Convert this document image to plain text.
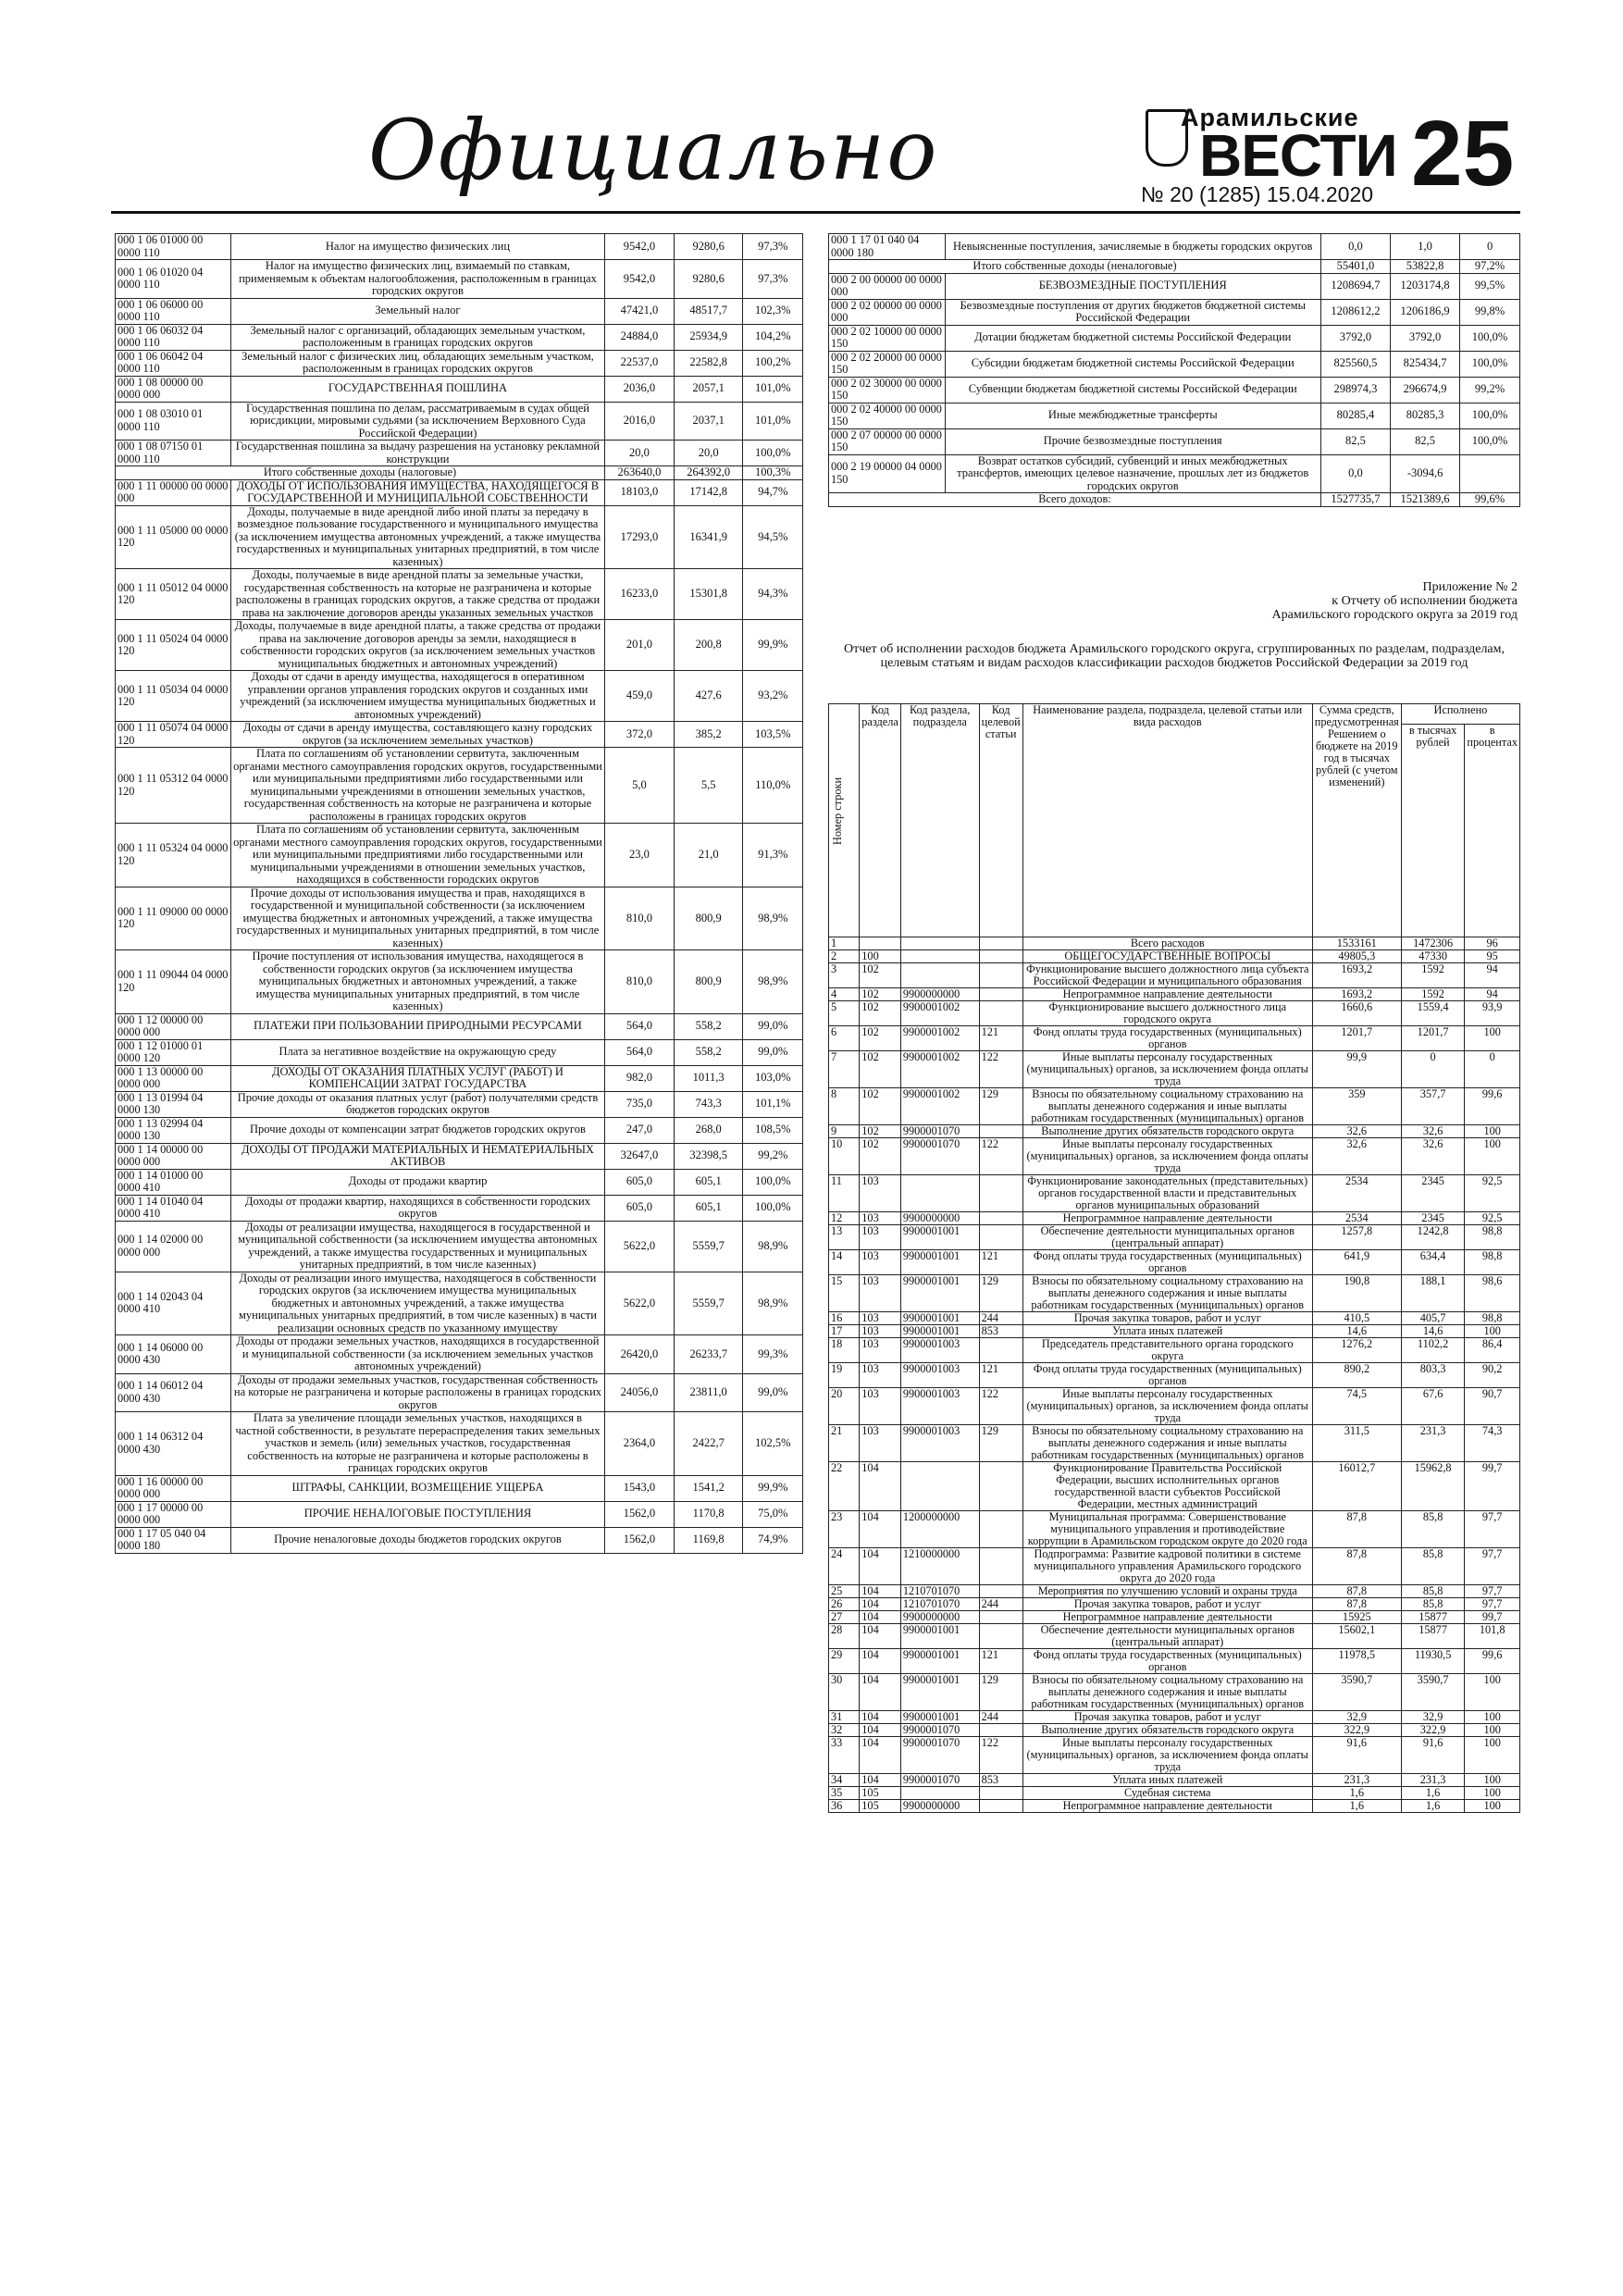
Официально	Арамильские
ВЕСТИ
№ 20 (1285) 15.04.2020 25
000 1 06 01000 00 0000 110	Налог на имущество физических лиц	9542,0	9280,6	97,3%
000 1 06 01020 04 0000 110	Налог на имущество физических лиц, взимаемый по ставкам, применяемым к объектам налогообложения, расположенным в границах городских округов	9542,0	9280,6	97,3%
000 1 06 06000 00 0000 110	Земельный налог	47421,0	48517,7	102,3%
000 1 06 06032 04 0000 110	Земельный налог с организаций, обладающих земельным участком, расположенным в границах городских округов	24884,0	25934,9	104,2%
000 1 06 06042 04 0000 110	Земельный налог с физических лиц, обладающих земельным участком, расположенным в границах городских округов	22537,0	22582,8	100,2%
000 1 08 00000 00 0000 000	ГОСУДАРСТВЕННАЯ ПОШЛИНА	2036,0	2057,1	101,0%
000 1 08 03010 01 0000 110	Государственная пошлина по делам, рассматриваемым в судах общей юрисдикции, мировыми судьями (за исключением Верховного Суда Российской Федерации)	2016,0	2037,1	101,0%
000 1 08 07150 01 0000 110	Государственная пошлина за выдачу разрешения на установку рекламной конструкции	20,0	20,0	100,0%
Итого собственные доходы (налоговые)		263640,0	264392,0	100,3%
000 1 11 00000 00 0000 000	ДОХОДЫ ОТ ИСПОЛЬЗОВАНИЯ ИМУЩЕСТВА, НАХОДЯЩЕГОСЯ В ГОСУДАРСТВЕННОЙ И МУНИЦИПАЛЬНОЙ СОБСТВЕННОСТИ	18103,0	17142,8	94,7%
000 1 11 05000 00 0000 120	Доходы, получаемые в виде арендной либо иной платы за передачу в возмездное пользование государственного и муниципального имущества (за исключением имущества автономных учреждений, а также имущества государственных и муниципальных унитарных предприятий, в том числе казенных)	17293,0	16341,9	94,5%
000 1 11 05012 04 0000 120	Доходы, получаемые в виде арендной платы за земельные участки, государственная собственность на которые не разграничена и которые расположены в границах городских округов, а также средства от продажи права на заключение договоров аренды указанных земельных участков	16233,0	15301,8	94,3%
000 1 11 05024 04 0000 120	Доходы, получаемые в виде арендной платы, а также средства от продажи права на заключение договоров аренды за земли, находящиеся в собственности городских округов (за исключением земельных участков муниципальных бюджетных и автономных учреждений)	201,0	200,8	99,9%
000 1 11 05034 04 0000 120	Доходы от сдачи в аренду имущества, находящегося в оперативном управлении органов управления городских округов и созданных ими учреждений (за исключением имущества муниципальных бюджетных и автономных учреждений)	459,0	427,6	93,2%
000 1 11 05074 04 0000 120	Доходы от сдачи в аренду имущества, составляющего казну городских округов (за исключением земельных участков)	372,0	385,2	103,5%
000 1 11 05312 04 0000 120	Плата по соглашениям об установлении сервитута, заключенным органами местного самоуправления городских округов, государственными или муниципальными предприятиями либо государственными или муниципальными учреждениями в отношении земельных участков, государственная собственность на которые не разграничена и которые расположены в границах городских округов	5,0	5,5	110,0%
000 1 11 05324 04 0000 120	Плата по соглашениям об установлении сервитута, заключенным органами местного самоуправления городских округов, государственными или муниципальными предприятиями либо государственными или муниципальными учреждениями в отношении земельных участков, находящихся в собственности городских округов	23,0	21,0	91,3%
000 1 11 09000 00 0000 120	Прочие доходы от использования имущества и прав, находящихся в государственной и муниципальной собственности (за исключением имущества бюджетных и автономных учреждений, а также имущества государственных и муниципальных унитарных предприятий, в том числе казенных)	810,0	800,9	98,9%
000 1 11 09044 04 0000 120	Прочие поступления от использования имущества, находящегося в собственности городских округов (за исключением имущества муниципальных бюджетных и автономных учреждений, а также имущества муниципальных унитарных предприятий, в том числе казенных)	810,0	800,9	98,9%
000 1 12 00000 00 0000 000	ПЛАТЕЖИ ПРИ ПОЛЬЗОВАНИИ ПРИРОДНЫМИ РЕСУРСАМИ	564,0	558,2	99,0%
000 1 12 01000 01 0000 120	Плата за негативное воздействие на окружающую среду	564,0	558,2	99,0%
000 1 13 00000 00 0000 000	ДОХОДЫ ОТ ОКАЗАНИЯ ПЛАТНЫХ УСЛУГ (РАБОТ) И КОМПЕНСАЦИИ ЗАТРАТ ГОСУДАРСТВА	982,0	1011,3	103,0%
000 1 13 01994 04 0000 130	Прочие доходы от оказания платных услуг (работ) получателями средств бюджетов городских округов	735,0	743,3	101,1%
000 1 13 02994 04 0000 130	Прочие доходы от компенсации затрат бюджетов городских округов	247,0	268,0	108,5%
000 1 14 00000 00 0000 000	ДОХОДЫ ОТ ПРОДАЖИ МАТЕРИАЛЬНЫХ И НЕМАТЕРИАЛЬНЫХ АКТИВОВ	32647,0	32398,5	99,2%
000 1 14 01000 00 0000 410	Доходы от продажи квартир	605,0	605,1	100,0%
000 1 14 01040 04 0000 410	Доходы от продажи квартир, находящихся в собственности городских округов	605,0	605,1	100,0%
000 1 14 02000 00 0000 000	Доходы от реализации имущества, находящегося в государственной и муниципальной собственности (за исключением имущества автономных учреждений, а также имущества государственных и муниципальных унитарных предприятий, в том числе казенных)	5622,0	5559,7	98,9%
000 1 14 02043 04 0000 410	Доходы от реализации иного имущества, находящегося в собственности городских округов (за исключением имущества муниципальных бюджетных и автономных учреждений, а также имущества муниципальных унитарных предприятий, в том числе казенных) в части реализации основных средств по указанному имуществу	5622,0	5559,7	98,9%
000 1 14 06000 00 0000 430	Доходы от продажи земельных участков, находящихся в государственной и муниципальной собственности (за исключением земельных участков автономных учреждений)	26420,0	26233,7	99,3%
000 1 14 06012 04 0000 430	Доходы от продажи земельных участков, государственная собственность на которые не разграничена и которые расположены в границах городских округов	24056,0	23811,0	99,0%
000 1 14 06312 04 0000 430	Плата за увеличение площади земельных участков, находящихся в частной собственности, в результате перераспределения таких земельных участков и земель (или) земельных участков, государственная собственность на которые не разграничена и которые расположены в границах городских округов	2364,0	2422,7	102,5%
000 1 16 00000 00 0000 000	ШТРАФЫ, САНКЦИИ, ВОЗМЕЩЕНИЕ УЩЕРБА	1543,0	1541,2	99,9%
000 1 17 00000 00 0000 000	ПРОЧИЕ НЕНАЛОГОВЫЕ ПОСТУПЛЕНИЯ	1562,0	1170,8	75,0%
000 1 17 05 040 04 0000 180	Прочие неналоговые доходы бюджетов городских округов	1562,0	1169,8	74,9%
000 1 17 01 040 04 0000 180	Невыясненные поступления, зачисляемые в бюджеты городских округов	0,0	1,0	0
Итого собственные доходы (неналоговые)		55401,0	53822,8	97,2%
000 2 00 00000 00 0000 000	БЕЗВОЗМЕЗДНЫЕ ПОСТУПЛЕНИЯ	1208694,7	1203174,8	99,5%
000 2 02 00000 00 0000 000	Безвозмездные поступления от других бюджетов бюджетной системы Российской Федерации	1208612,2	1206186,9	99,8%
000 2 02 10000 00 0000 150	Дотации бюджетам бюджетной системы Российской Федерации	3792,0	3792,0	100,0%
000 2 02 20000 00 0000 150	Субсидии бюджетам бюджетной системы Российской Федерации	825560,5	825434,7	100,0%
000 2 02 30000 00 0000 150	Субвенции бюджетам бюджетной системы Российской Федерации	298974,3	296674,9	99,2%
000 2 02 40000 00 0000 150	Иные межбюджетные трансферты	80285,4	80285,3	100,0%
000 2 07 00000 00 0000 150	Прочие безвозмездные поступления	82,5	82,5	100,0%
000 2 19 00000 04 0000 150	Возврат остатков субсидий, субвенций и иных межбюджетных трансфертов, имеющих целевое назначение, прошлых лет из бюджетов городских округов	0,0	-3094,6	
Всего доходов:		1527735,7	1521389,6	99,6%
Приложение № 2
к Отчету об исполнении бюджета
Арамильского городского округа за 2019 год
Отчет об исполнении расходов бюджета Арамильского городского округа, сгруппированных по разделам, подразделам, целевым статьям и видам расходов классификации расходов бюджетов Российской Федерации за 2019 год
Номер строки	Код раздела	Код раздела, подраздела	Код целевой статьи	Наименование раздела, подраздела, целевой статьи или вида расходов	Сумма средств, предусмотренная Решением о бюджете на 2019 год в тысячах рублей (с учетом изменений)	Исполнено	
						в тысячах рублей	в процентах
1				Всего расходов	1533161	1472306	96
2	100			ОБЩЕГОСУДАРСТВЕННЫЕ ВОПРОСЫ	49805,3	47330	95
3	102			Функционирование высшего должностного лица субъекта Российской Федерации и муниципального образования	1693,2	1592	94
4	102	9900000000		Непрограммное направление деятельности	1693,2	1592	94
5	102	9900001002		Функционирование высшего должностного лица городского округа	1660,6	1559,4	93,9
6	102	9900001002	121	Фонд оплаты труда государственных (муниципальных) органов	1201,7	1201,7	100
7	102	9900001002	122	Иные выплаты персоналу государственных (муниципальных) органов, за исключением фонда оплаты труда	99,9	0	0
8	102	9900001002	129	Взносы по обязательному социальному страхованию на выплаты денежного содержания и иные выплаты работникам государственных (муниципальных) органов	359	357,7	99,6
9	102	9900001070		Выполнение других обязательств городского округа	32,6	32,6	100
10	102	9900001070	122	Иные выплаты персоналу государственных (муниципальных) органов, за исключением фонда оплаты труда	32,6	32,6	100
11	103			Функционирование законодательных (представительных) органов государственной власти и представительных органов муниципальных образований	2534	2345	92,5
12	103	9900000000		Непрограммное направление деятельности	2534	2345	92,5
13	103	9900001001		Обеспечение деятельности муниципальных органов (центральный аппарат)	1257,8	1242,8	98,8
14	103	9900001001	121	Фонд оплаты труда государственных (муниципальных) органов	641,9	634,4	98,8
15	103	9900001001	129	Взносы по обязательному социальному страхованию на выплаты денежного содержания и иные выплаты работникам государственных (муниципальных) органов	190,8	188,1	98,6
16	103	9900001001	244	Прочая закупка товаров, работ и услуг	410,5	405,7	98,8
17	103	9900001001	853	Уплата иных платежей	14,6	14,6	100
18	103	9900001003		Председатель представительного органа городского округа	1276,2	1102,2	86,4
19	103	9900001003	121	Фонд оплаты труда государственных (муниципальных) органов	890,2	803,3	90,2
20	103	9900001003	122	Иные выплаты персоналу государственных (муниципальных) органов, за исключением фонда оплаты труда	74,5	67,6	90,7
21	103	9900001003	129	Взносы по обязательному социальному страхованию на выплаты денежного содержания и иные выплаты работникам государственных (муниципальных) органов	311,5	231,3	74,3
22	104			Функционирование Правительства Российской Федерации, высших исполнительных органов государственной власти субъектов Российской Федерации, местных администраций	16012,7	15962,8	99,7
23	104	1200000000		Муниципальная программа: Совершенствование муниципального управления и противодействие коррупции в Арамильском городском округе до 2020 года	87,8	85,8	97,7
24	104	1210000000		Подпрограмма: Развитие кадровой политики в системе муниципального управления Арамильского городского округа до 2020 года	87,8	85,8	97,7
25	104	1210701070		Мероприятия по улучшению условий и охраны труда	87,8	85,8	97,7
26	104	1210701070	244	Прочая закупка товаров, работ и услуг	87,8	85,8	97,7
27	104	9900000000		Непрограммное направление деятельности	15925	15877	99,7
28	104	9900001001		Обеспечение деятельности муниципальных органов (центральный аппарат)	15602,1	15877	101,8
29	104	9900001001	121	Фонд оплаты труда государственных (муниципальных) органов	11978,5	11930,5	99,6
30	104	9900001001	129	Взносы по обязательному социальному страхованию на выплаты денежного содержания и иные выплаты работникам государственных (муниципальных) органов	3590,7	3590,7	100
31	104	9900001001	244	Прочая закупка товаров, работ и услуг	32,9	32,9	100
32	104	9900001070		Выполнение других обязательств городского округа	322,9	322,9	100
33	104	9900001070	122	Иные выплаты персоналу государственных (муниципальных) органов, за исключением фонда оплаты труда	91,6	91,6	100
34	104	9900001070	853	Уплата иных платежей	231,3	231,3	100
35	105			Судебная система	1,6	1,6	100
36	105	9900000000		Непрограммное направление деятельности	1,6	1,6	100
